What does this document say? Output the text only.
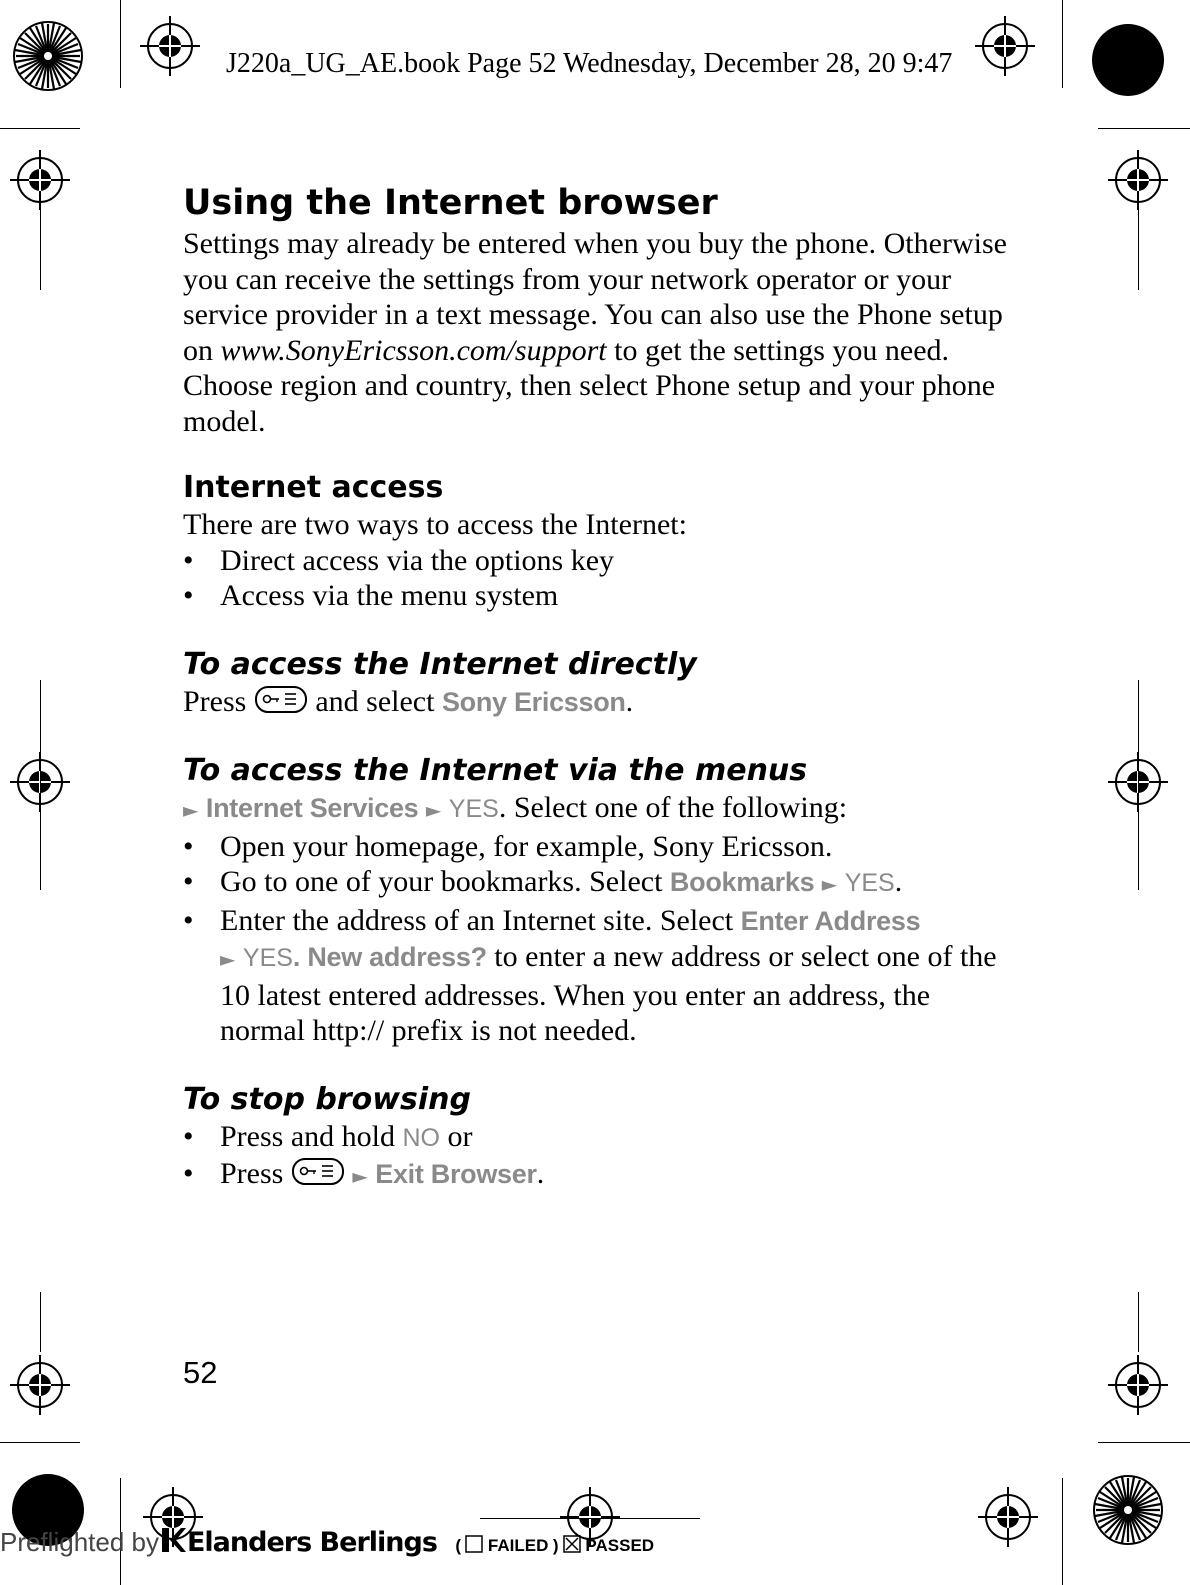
J220a_UG_AE.book Page 52 Wednesday, December 28, 20 9:47
Using the Internet browser

Settings may already be entered when you buy the phone. Otherwise you can receive the settings from your network operator or your service provider in a text message. You can also use the Phone setup on www.SonyEricsson.com/support to get the settings you need. Choose region and country, then select Phone setup and your phone model.

Internet access

There are two ways to access the Internet:

• Direct access via the options key
• Access via the menu system
To access the Internet directly

Press and select Sony Ericsson.

To access the Internet via the menus

► Internet Services ► YES. Select one of the following:

• Open your homepage, for example, Sony Ericsson.
• Go to one of your bookmarks. Select Bookmarks ► YES.
• Enter the address of an Internet site. Select Enter Address
► YES. New address? to enter a new address or select one of the 10 latest entered addresses. When you enter an address, the normal http:// prefix is not needed.
To stop browsing
• Press and hold NO or
• Press	► Exit Browser.
52
Preflighted by Elanders Berlings ( FAILED ) PASSED
